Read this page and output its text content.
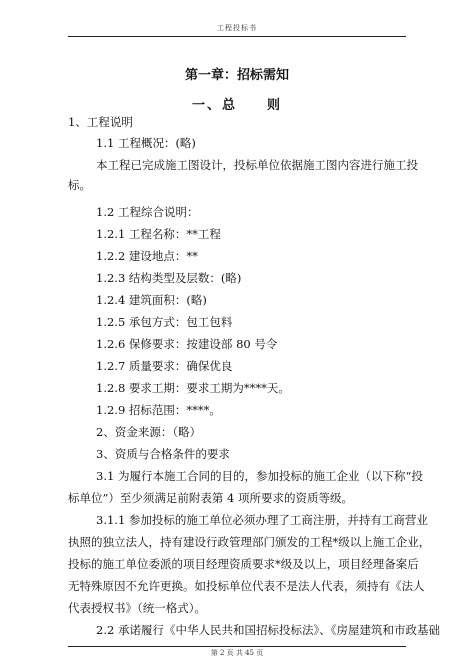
工程投标书
第一章：招标需知
一、总　　则
1、工程说明
1.1 工程概况：(略)
本工程已完成施工图设计，投标单位依据施工图内容进行施工投
标。
1.2 工程综合说明：
1.2.1 工程名称：**工程
1.2.2 建设地点：**
1.2.3 结构类型及层数：(略)
1.2.4 建筑面积：(略)
1.2.5 承包方式：包工包料
1.2.6 保修要求：按建设部 80 号令
1.2.7 质量要求：确保优良
1.2.8 要求工期：要求工期为****天。
1.2.9 招标范围：****。
2、资金来源：（略）
3、资质与合格条件的要求
3.1 为履行本施工合同的目的，参加投标的施工企业（以下称“投
标单位”）至少须满足前附表第 4 项所要求的资质等级。
3.1.1 参加投标的施工单位必须办理了工商注册，并持有工商营业
执照的独立法人，持有建设行政管理部门颁发的工程*级以上施工企业，
投标的施工单位委派的项目经理资质要求*级及以上，项目经理备案后
无特殊原因不允许更换。如投标单位代表不是法人代表，须持有《法人
代表授权书》（统一格式）。
2.2 承诺履行《中华人民共和国招标投标法》、《房屋建筑和市政基础
第 2 页 共 45 页
